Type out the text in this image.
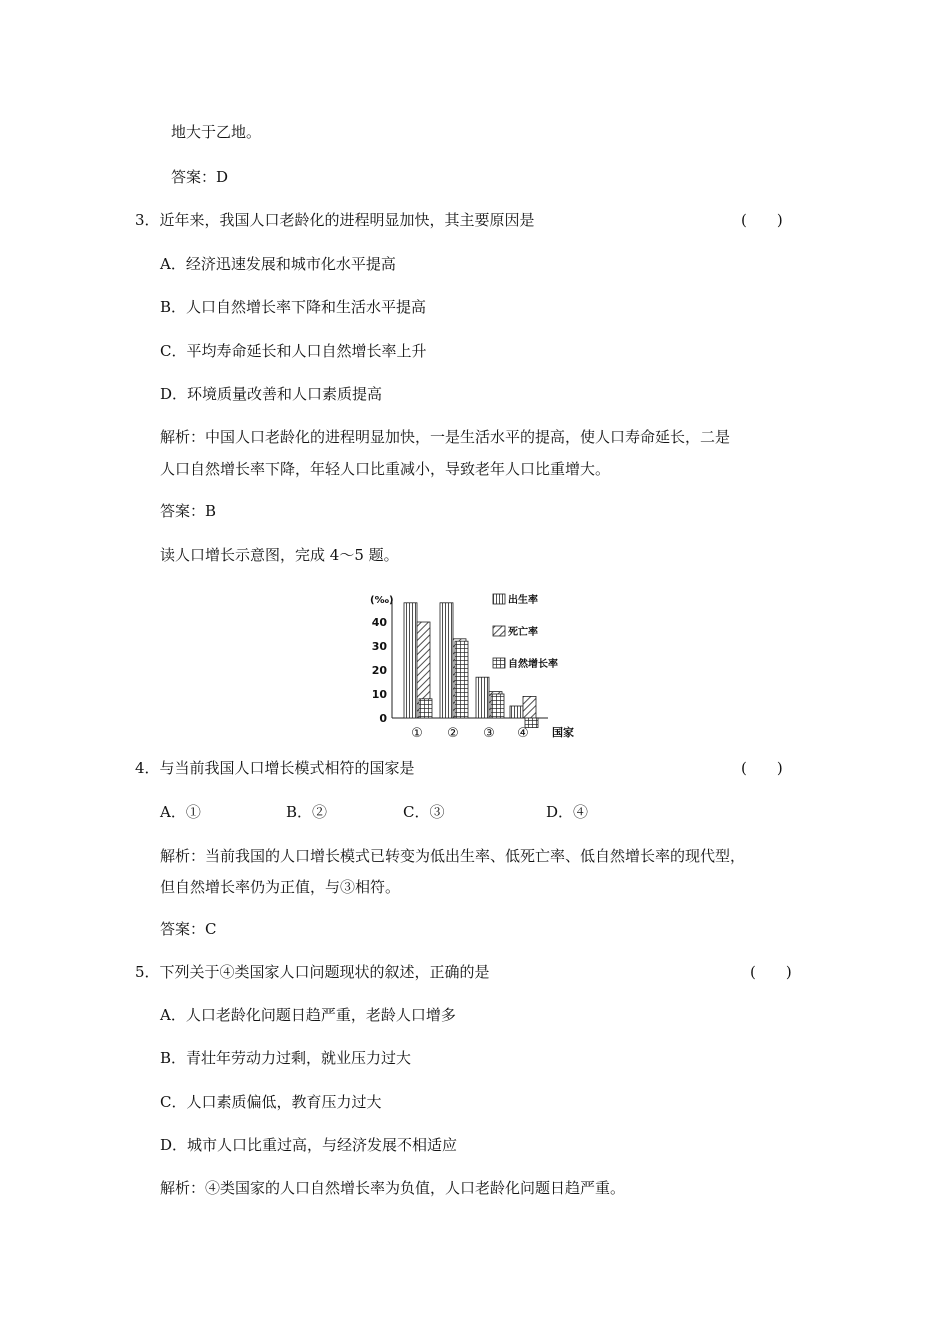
地大于乙地。
答案：D
3．近年来，我国人口老龄化的进程明显加快，其主要原因是	(　　)
A．经济迅速发展和城市化水平提高
B．人口自然增长率下降和生活水平提高
C．平均寿命延长和人口自然增长率上升
D．环境质量改善和人口素质提高
解析：中国人口老龄化的进程明显加快，一是生活水平的提高，使人口寿命延长，二是
人口自然增长率下降，年轻人口比重减小，导致老年人口比重增大。
答案：B
读人口增长示意图，完成 4～5 题。
(‰)
0
10
20
30
40
① ② ③ ④ 国家
出生率
死亡率
自然增长率
4．与当前我国人口增长模式相符的国家是	(　　)
A．①	B．②	C．③	D．④
解析：当前我国的人口增长模式已转变为低出生率、低死亡率、低自然增长率的现代型，
但自然增长率仍为正值，与③相符。
答案：C
5．下列关于④类国家人口问题现状的叙述，正确的是	(　　)
A．人口老龄化问题日趋严重，老龄人口增多
B．青壮年劳动力过剩，就业压力过大
C．人口素质偏低，教育压力过大
D．城市人口比重过高，与经济发展不相适应
解析：④类国家的人口自然增长率为负值，人口老龄化问题日趋严重。
